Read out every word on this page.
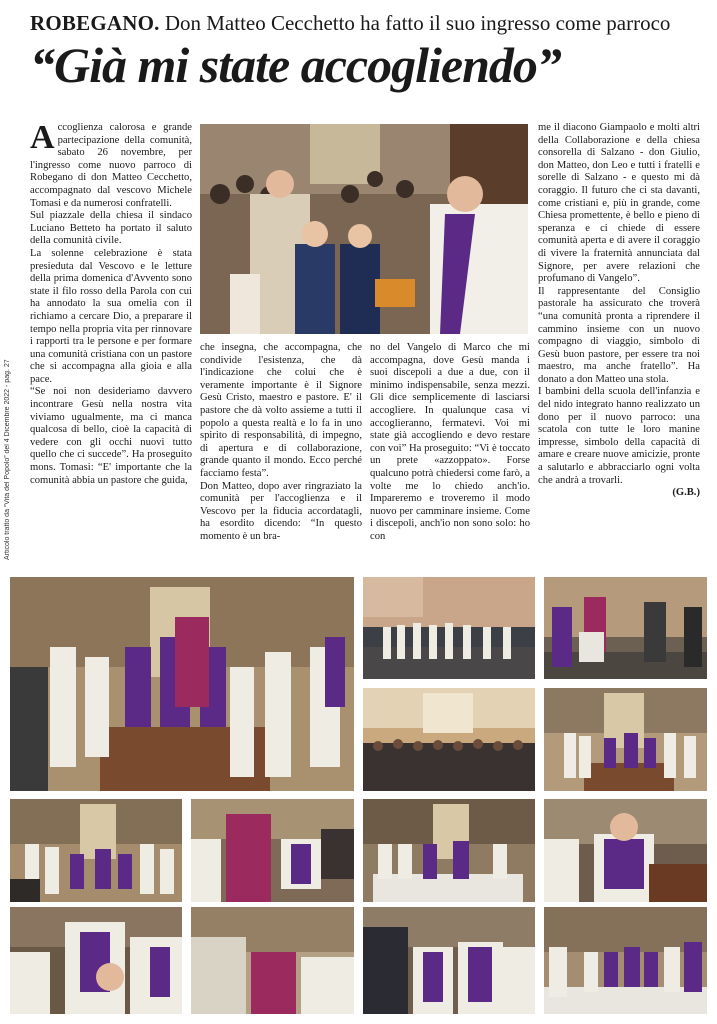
ROBEGANO. Don Matteo Cecchetto ha fatto il suo ingresso come parroco
“Già mi state accogliendo”
Articolo tratto da “Vita del Popolo” del 4 Dicembre 2022 - pag. 27

Accoglienza calorosa e grande partecipazione della comunità, sabato 26 novembre, per l'ingresso come nuovo parroco di Robegano di don Matteo Cecchetto, accompagnato dal vescovo Michele Tomasi e da numerosi confratelli.

Sul piazzale della chiesa il sindaco Luciano Betteto ha portato il saluto della comunità civile.

La solenne celebrazione è stata presieduta dal Vescovo e le letture della prima domenica d'Avvento sono state il filo rosso della Parola con cui ha annodato la sua omelia con il richiamo a cercare Dio, a preparare il tempo nella propria vita per rinnovare i rapporti tra le persone e per formare una comunità cristiana con un pastore che si accompagna alla gioia e alla pace.

“Se noi non desideriamo davvero incontrare Gesù nella nostra vita viviamo ugualmente, ma ci manca qualcosa di bello, cioè la capacità di vedere con gli occhi nuovi tutto quello che ci succede”. Ha proseguito mons. Tomasi: “E' importante che la comunità abbia un pastore che guida,

che insegna, che accompagna, che condivide l'esistenza, che dà l'indicazione che colui che è veramente importante è il Signore Gesù Cristo, maestro e pastore. E' il pastore che dà volto assieme a tutti il popolo a questa realtà e lo fa in uno spirito di responsabilità, di impegno, di apertura e di collaborazione, grande quanto il mondo. Ecco perché facciamo festa”.

Don Matteo, dopo aver ringraziato la comunità per l'accoglienza e il Vescovo per la fiducia accordatagli, ha esordito dicendo: “In questo momento è un bra-

no del Vangelo di Marco che mi accompagna, dove Gesù manda i suoi discepoli a due a due, con il minimo indispensabile, senza mezzi. Gli dice semplicemente di lasciarsi accogliere. In qualunque casa vi accoglieranno, fermatevi. Voi mi state già accogliendo e devo restare con voi” Ha proseguito: “Vi è toccato un prete «azzoppato». Forse qualcuno potrà chiedersi come farò, a volte me lo chiedo anch'io. Impareremo e troveremo il modo nuovo per camminare insieme. Come i discepoli, anch'io non sono solo: ho con

me il diacono Giampaolo e molti altri della Collaborazione e della chiesa consorella di Salzano - don Giulio, don Matteo, don Leo e tutti i fratelli e sorelle di Salzano - e questo mi dà coraggio. Il futuro che ci sta davanti, come cristiani e, più in grande, come Chiesa promettente, è bello e pieno di speranza e ci chiede di essere comunità aperta e di avere il coraggio di vivere la fraternità annunciata dal Signore, per avere relazioni che profumano di Vangelo”.

Il rappresentante del Consiglio pastorale ha assicurato che troverà “una comunità pronta a riprendere il cammino insieme con un nuovo compagno di viaggio, simbolo di Gesù buon pastore, per essere tra noi maestro, ma anche fratello”. Ha donato a don Matteo una stola.

I bambini della scuola dell'infanzia e del nido integrato hanno realizzato un dono per il nuovo parroco: una scatola con tutte le loro manine impresse, simbolo della capacità di amare e creare nuove amicizie, pronte a salutarlo e abbracciarlo ogni volta che andrà a trovarli.

(G.B.)
